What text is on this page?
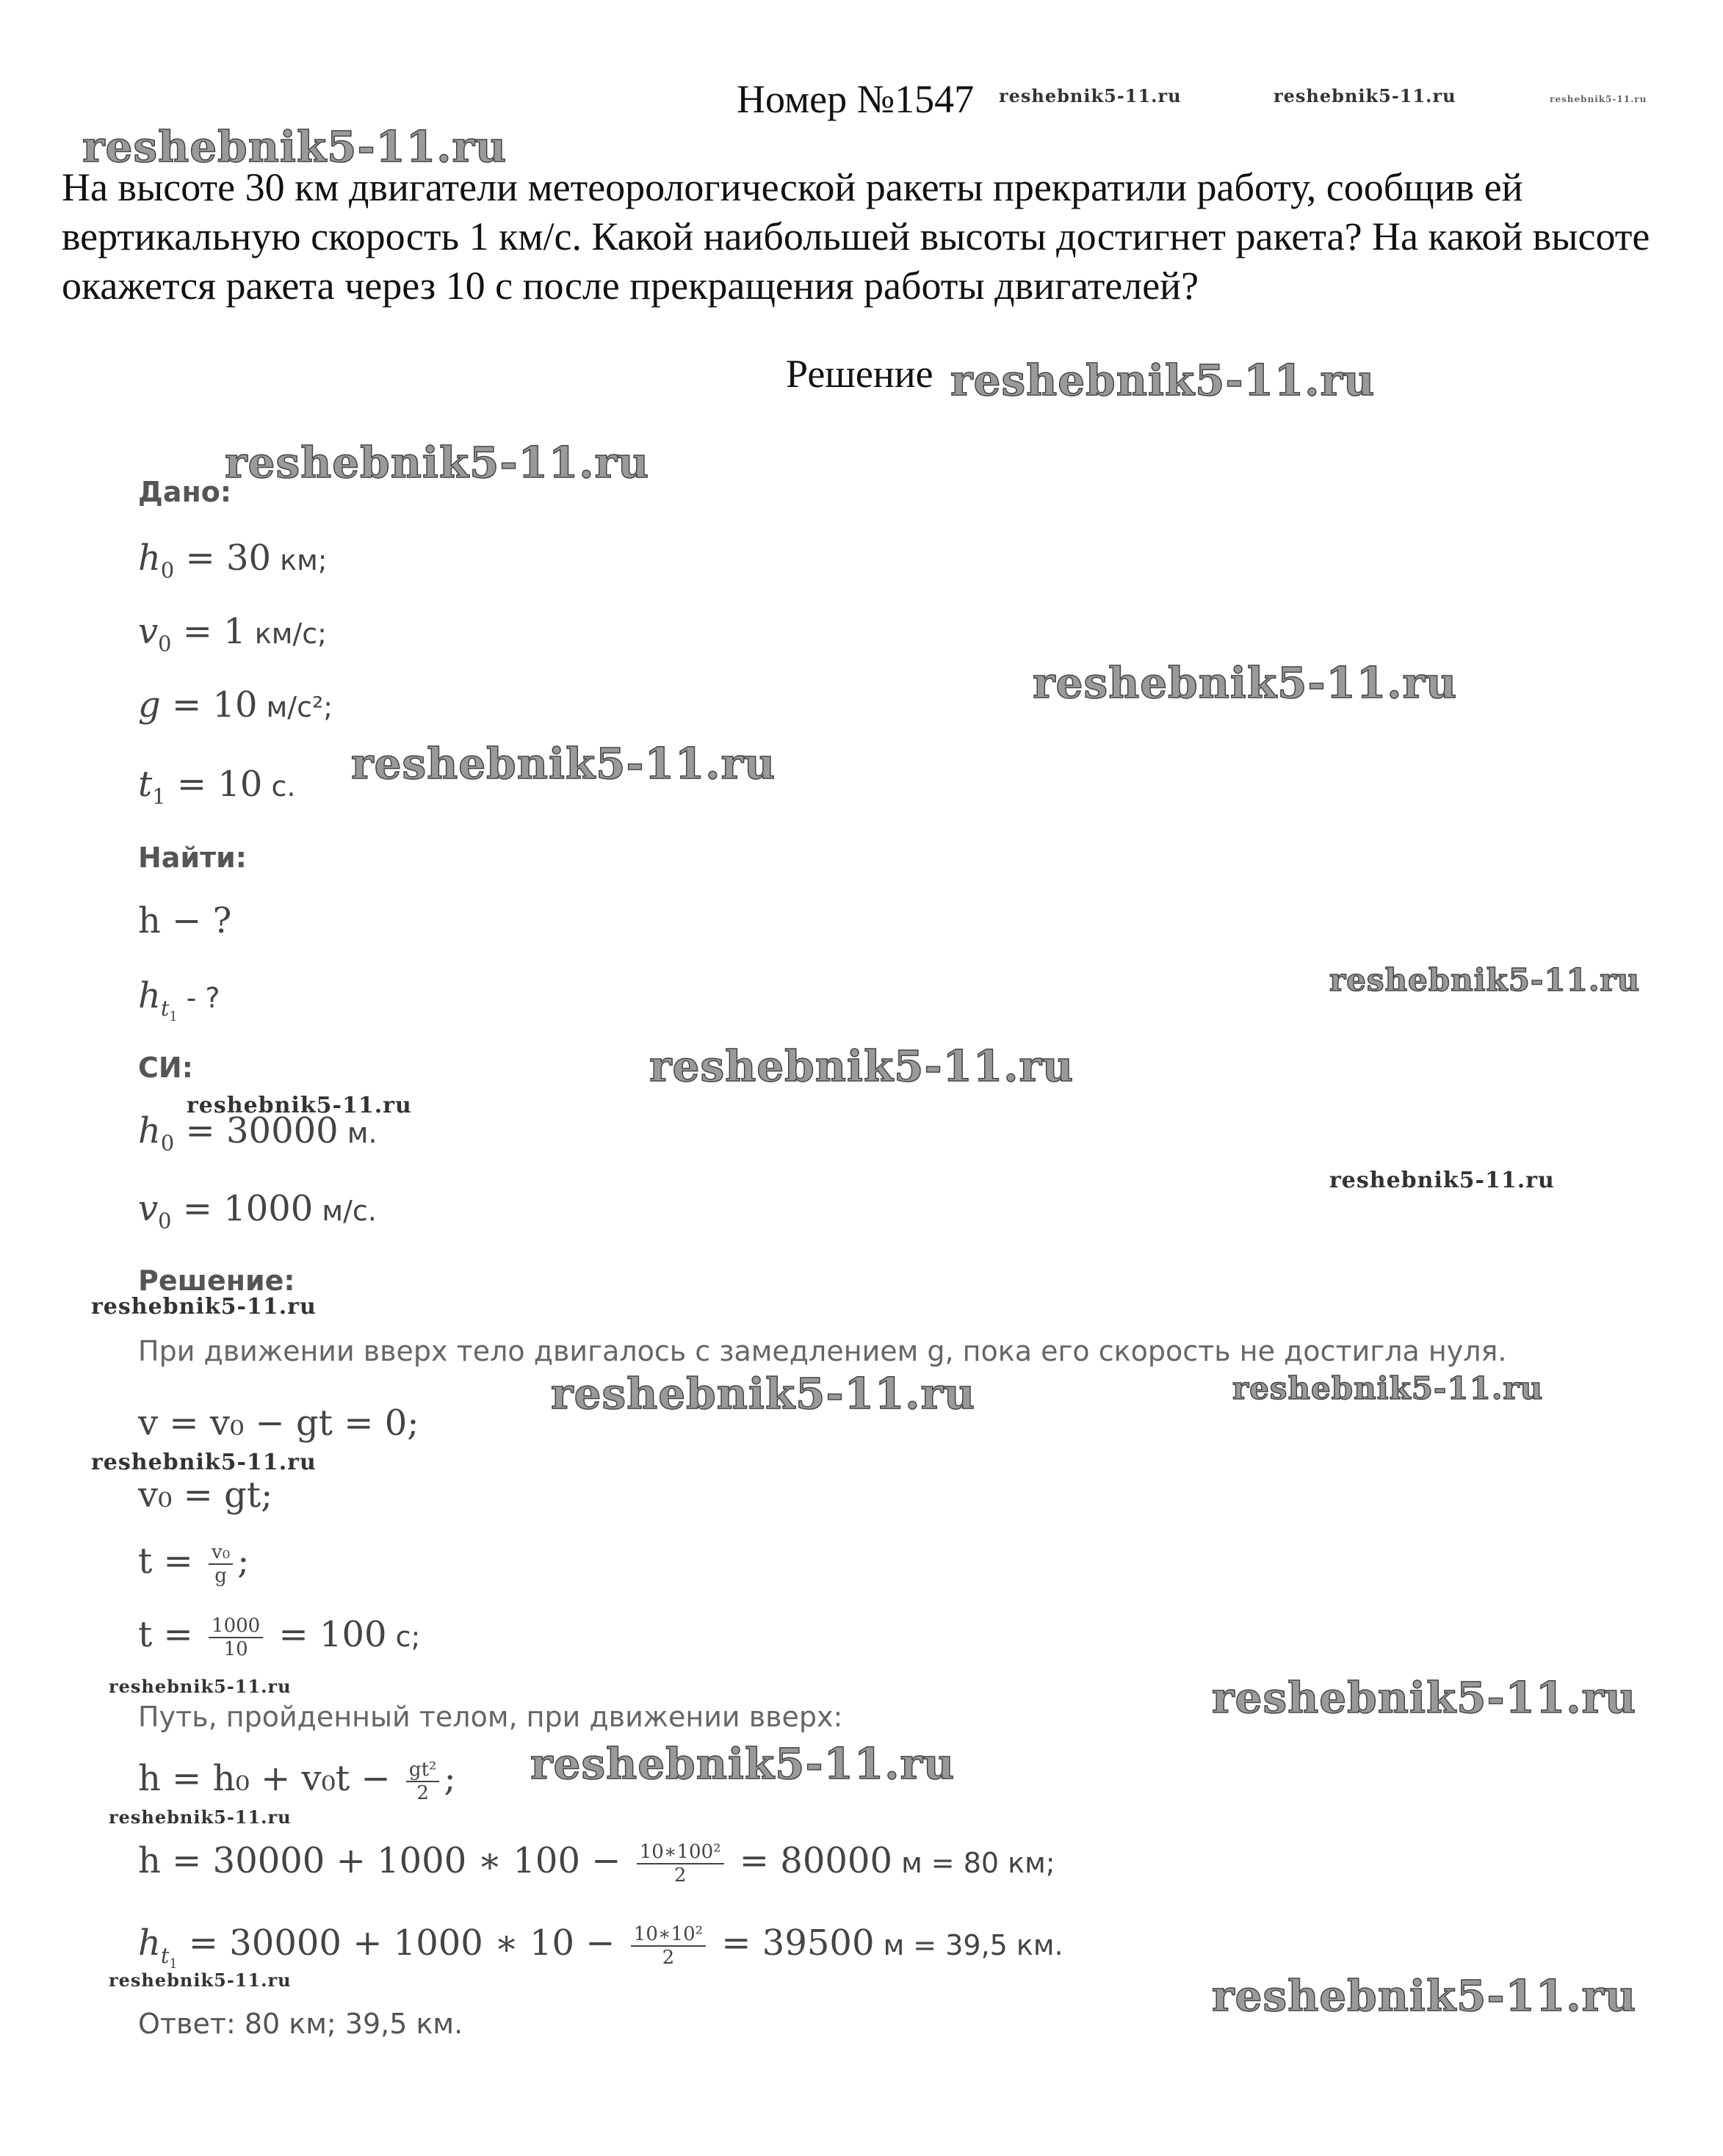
Номер №1547
На высоте 30 км двигатели метеорологической ракеты прекратили работу, сообщив ей вертикальную скорость 1 км/с. Какой наибольшей высоты достигнет ракета? На какой высоте окажется ракета через 10 с после прекращения работы двигателей?
Решение
Дано:
$h_0 = 30$ км;
$v_0 = 1$ км/с;
g = 10 м/с²;
$t_1 = 10$ с.
Найти:
h − ?
$h_{t_1}$ - ?
СИ:
$h_0 = 30000$ м.
$v_0 = 1000$ м/с.
Решение:
При движении вверх тело двигалось с замедлением g, пока его скорость не достигла нуля.
v = v₀ − gt = 0;
v₀ = gt;
$t = \frac{\text{v₀}}{g}$ ;
$t = \frac{1000}{10} = 100$ с;
Путь, пройденный телом, при движении вверх:
$h = h_0 + v_0t - \frac{\text{gt²}}{2}$ ;
h = 30000 + 1000 ∗ $100 - \frac{\text{10∗100²}}{2} = 80000$ м = 80 км;
$h_{t_1} = 30000 + 1000$ ∗ $10 - \frac{\text{10∗10²}}{2} = 39500$ м = 39,5 км.
Ответ: 80 км; 39,5 км.
reshebnik5-11.ru
reshebnik5-11.ru
reshebnik5-11.ru
reshebnik5-11.ru
reshebnik5-11.ru
reshebnik5-11.ru
reshebnik5-11.ru
reshebnik5-11.ru
reshebnik5-11.ru
reshebnik5-11.ru
reshebnik5-11.ru
reshebnik5-11.ru
reshebnik5-11.ru
reshebnik5-11.ru
reshebnik5-11.ru
reshebnik5-11.ru
reshebnik5-11.ru	reshebnik5-11.ru
reshebnik5-11.ru
reshebnik5-11.ru
reshebnik5-11.ru
reshebnik5-11.ru
